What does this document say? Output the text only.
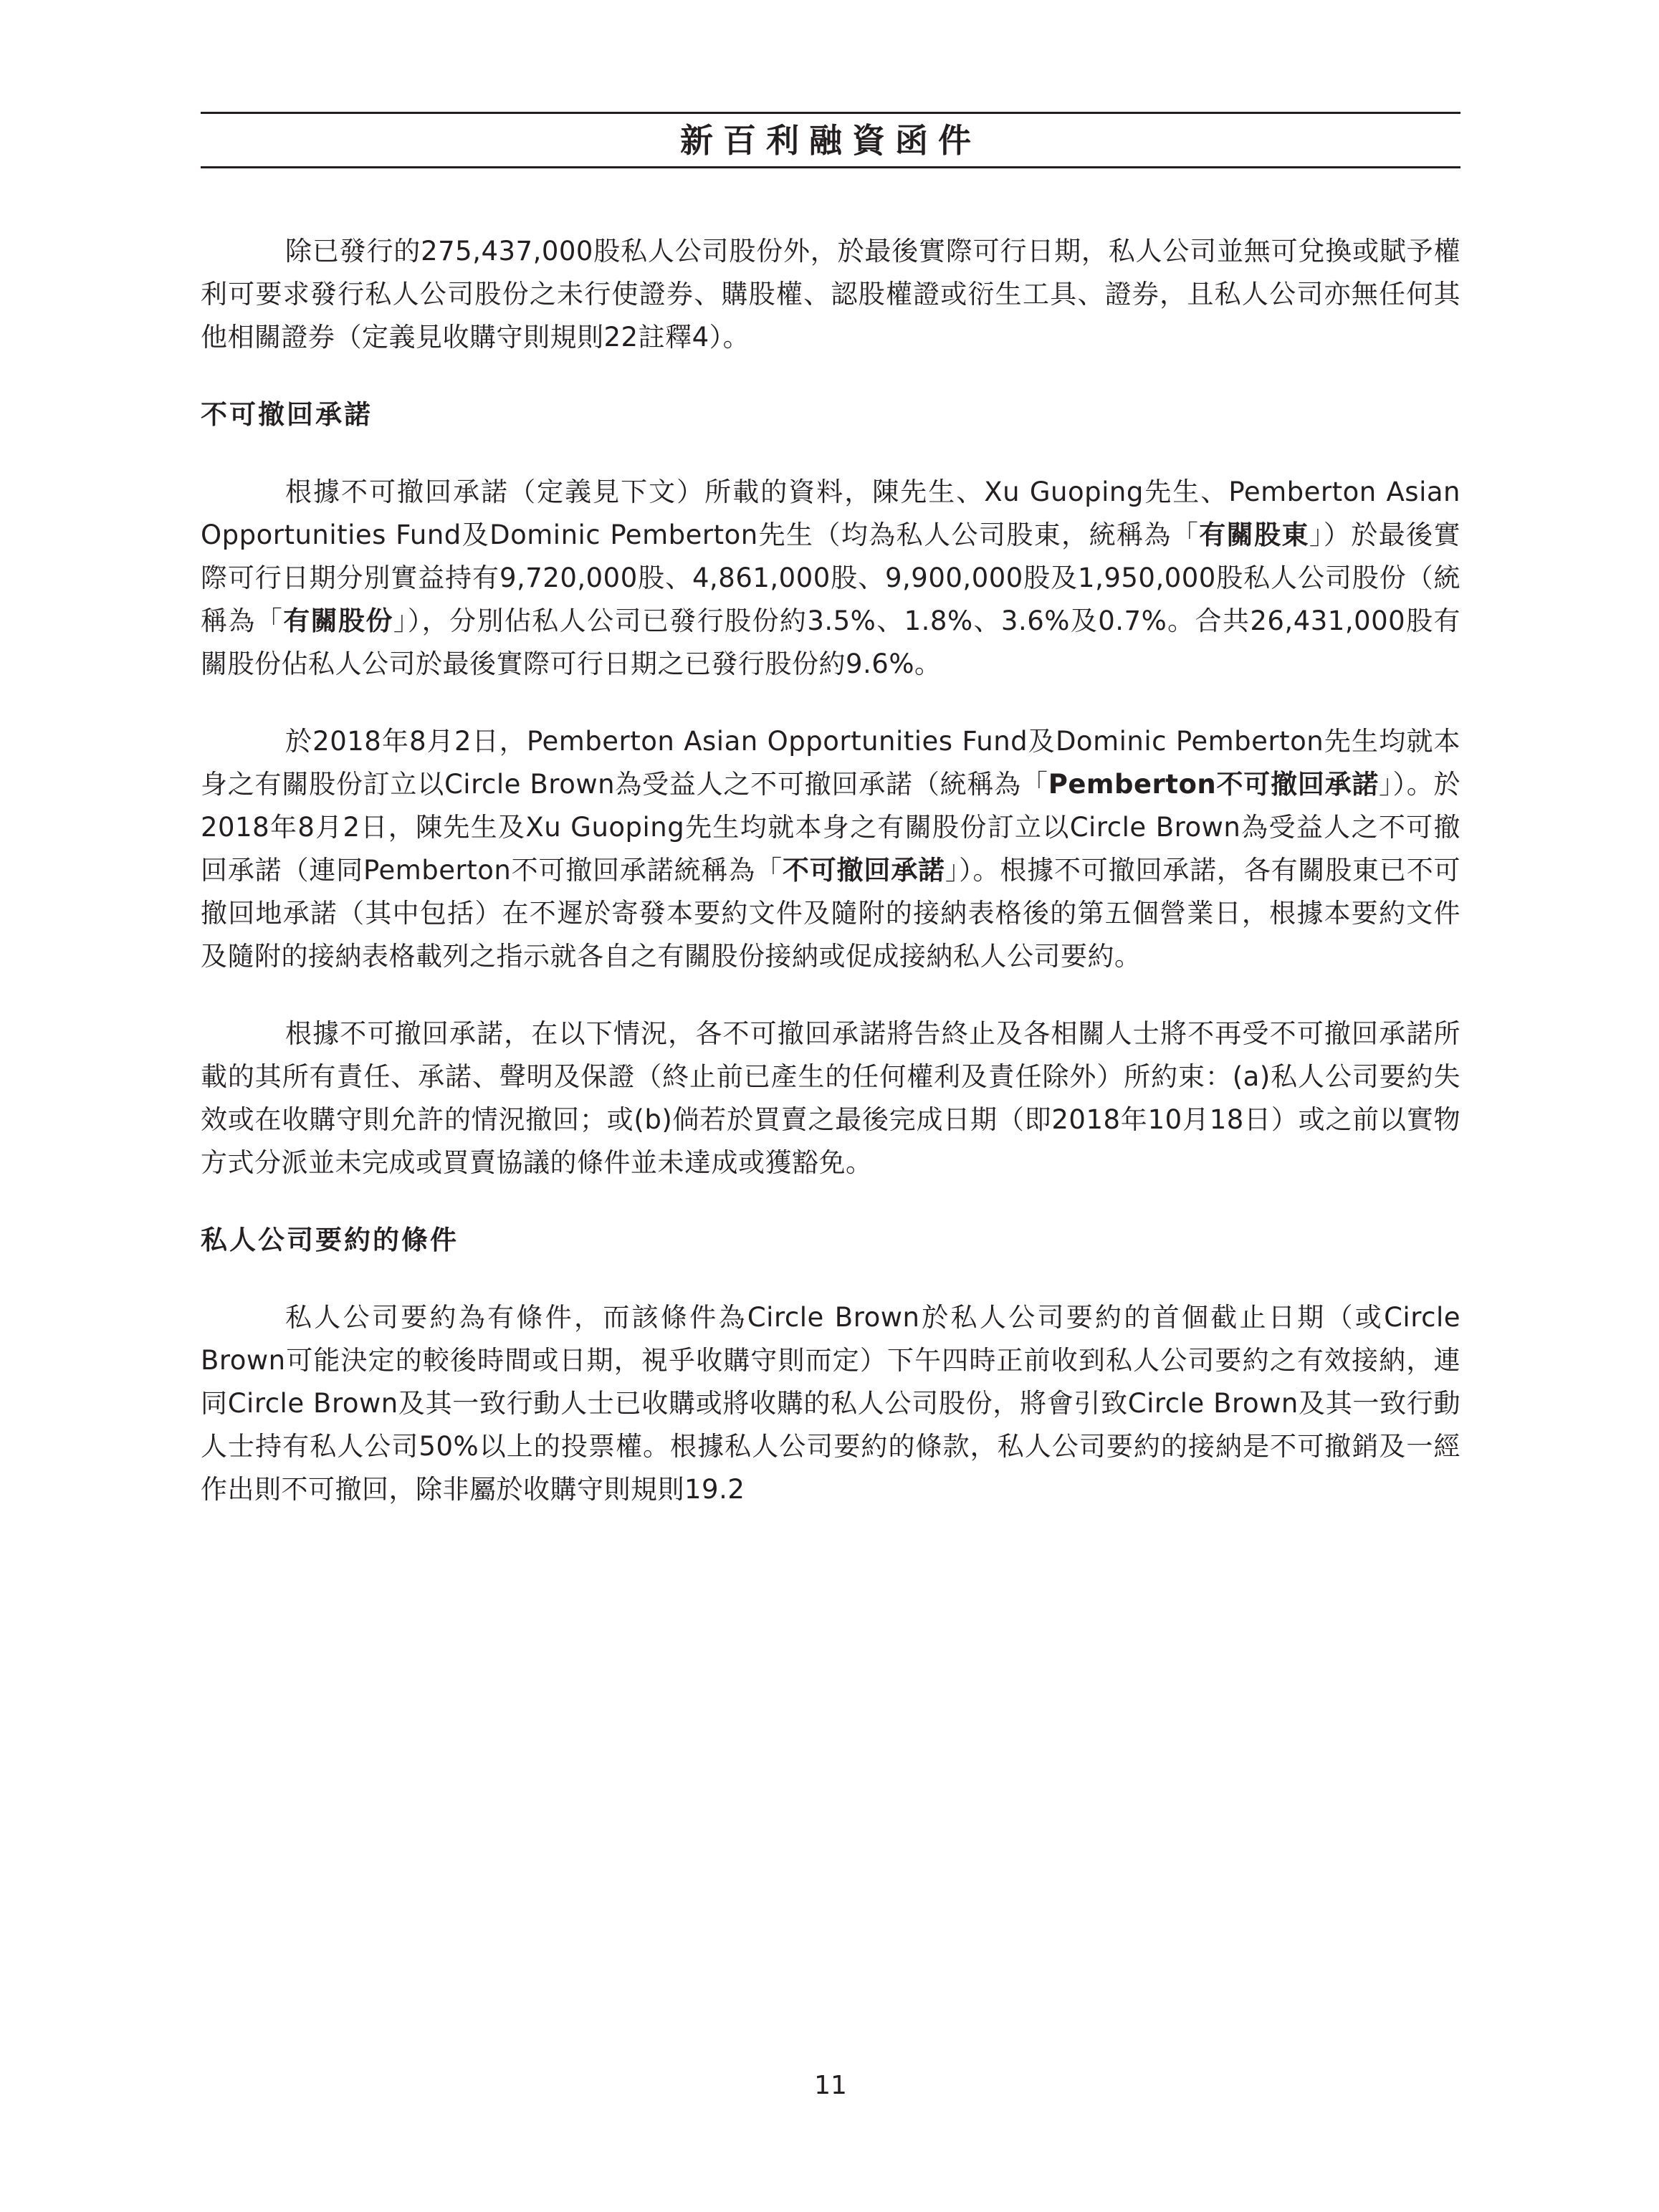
新百利融資函件

除已發行的275,437,000股私人公司股份外，於最後實際可行日期，私人公司並無可兌換或賦予權利可要求發行私人公司股份之未行使證券、購股權、認股權證或衍生工具、證券，且私人公司亦無任何其他相關證券（定義見收購守則規則22註釋4）。

不可撤回承諾

根據不可撤回承諾（定義見下文）所載的資料，陳先生、Xu Guoping先生、Pemberton Asian Opportunities Fund及Dominic Pemberton先生（均為私人公司股東，統稱為「有關股東」）於最後實際可行日期分別實益持有9,720,000股、4,861,000股、9,900,000股及1,950,000股私人公司股份（統稱為「有關股份」），分別佔私人公司已發行股份約3.5%、1.8%、3.6%及0.7%。合共26,431,000股有關股份佔私人公司於最後實際可行日期之已發行股份約9.6%。

於2018年8月2日，Pemberton Asian Opportunities Fund及Dominic Pemberton先生均就本身之有關股份訂立以Circle Brown為受益人之不可撤回承諾（統稱為「Pemberton不可撤回承諾」）。於2018年8月2日，陳先生及Xu Guoping先生均就本身之有關股份訂立以Circle Brown為受益人之不可撤回承諾（連同Pemberton不可撤回承諾統稱為「不可撤回承諾」）。根據不可撤回承諾，各有關股東已不可撤回地承諾（其中包括）在不遲於寄發本要約文件及隨附的接納表格後的第五個營業日，根據本要約文件及隨附的接納表格載列之指示就各自之有關股份接納或促成接納私人公司要約。

根據不可撤回承諾，在以下情況，各不可撤回承諾將告終止及各相關人士將不再受不可撤回承諾所載的其所有責任、承諾、聲明及保證（終止前已產生的任何權利及責任除外）所約束：(a)私人公司要約失效或在收購守則允許的情況撤回；或(b)倘若於買賣之最後完成日期（即2018年10月18日）或之前以實物方式分派並未完成或買賣協議的條件並未達成或獲豁免。

私人公司要約的條件

私人公司要約為有條件，而該條件為Circle Brown於私人公司要約的首個截止日期（或Circle Brown可能決定的較後時間或日期，視乎收購守則而定）下午四時正前收到私人公司要約之有效接納，連同Circle Brown及其一致行動人士已收購或將收購的私人公司股份，將會引致Circle Brown及其一致行動人士持有私人公司50%以上的投票權。根據私人公司要約的條款，私人公司要約的接納是不可撤銷及一經作出則不可撤回，除非屬於收購守則規則19.2

11
